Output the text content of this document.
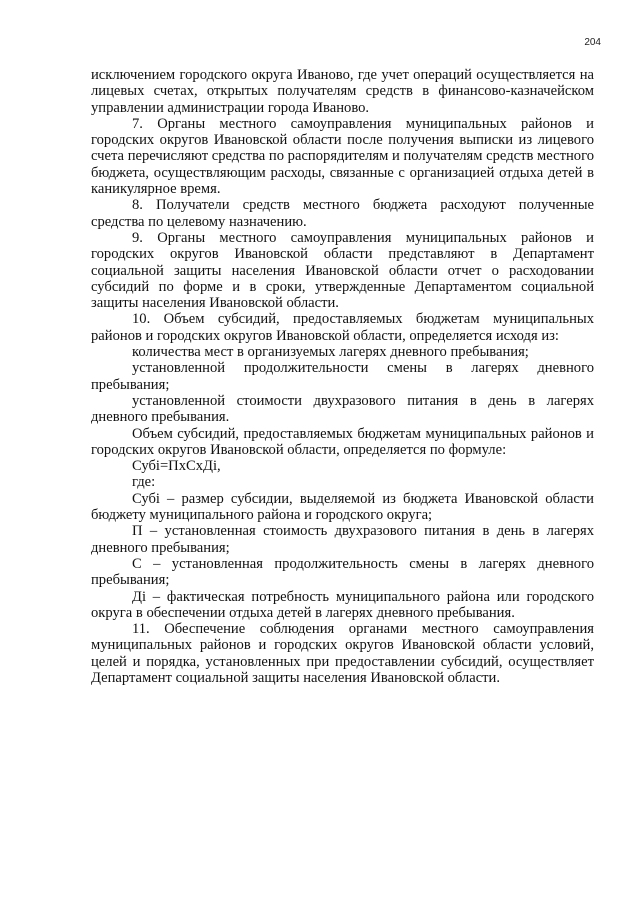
204

исключением городского округа Иваново, где учет операций осуществляется на лицевых счетах, открытых получателям средств в финансово-казначейском управлении администрации города Иваново.

7. Органы местного самоуправления муниципальных районов и городских округов Ивановской области после получения выписки из лицевого счета перечисляют средства по распорядителям и получателям средств местного бюджета, осуществляющим расходы, связанные с организацией отдыха детей в каникулярное время.

8. Получатели средств местного бюджета расходуют полученные средства по целевому назначению.

9. Органы местного самоуправления муниципальных районов и городских округов Ивановской области представляют в Департамент социальной защиты населения Ивановской области отчет о расходовании субсидий по форме и в сроки, утвержденные Департаментом социальной защиты населения Ивановской области.

10. Объем субсидий, предоставляемых бюджетам муниципальных районов и городских округов Ивановской области, определяется исходя из:

количества мест в организуемых лагерях дневного пребывания;

установленной продолжительности смены в лагерях дневного пребывания;

установленной стоимости двухразового питания в день в лагерях дневного пребывания.

Объем субсидий, предоставляемых бюджетам муниципальных районов и городских округов Ивановской области, определяется по формуле:

Субі=ПхСхДі,

где:

Субі – размер субсидии, выделяемой из бюджета Ивановской области бюджету муниципального района и городского округа;

П – установленная стоимость двухразового питания в день в лагерях дневного пребывания;

С – установленная продолжительность смены в лагерях дневного пребывания;

Ді – фактическая потребность муниципального района или городского округа в обеспечении отдыха детей в лагерях дневного пребывания.

11. Обеспечение соблюдения органами местного самоуправления муниципальных районов и городских округов Ивановской области условий, целей и порядка, установленных при предоставлении субсидий, осуществляет Департамент социальной защиты населения Ивановской области.
